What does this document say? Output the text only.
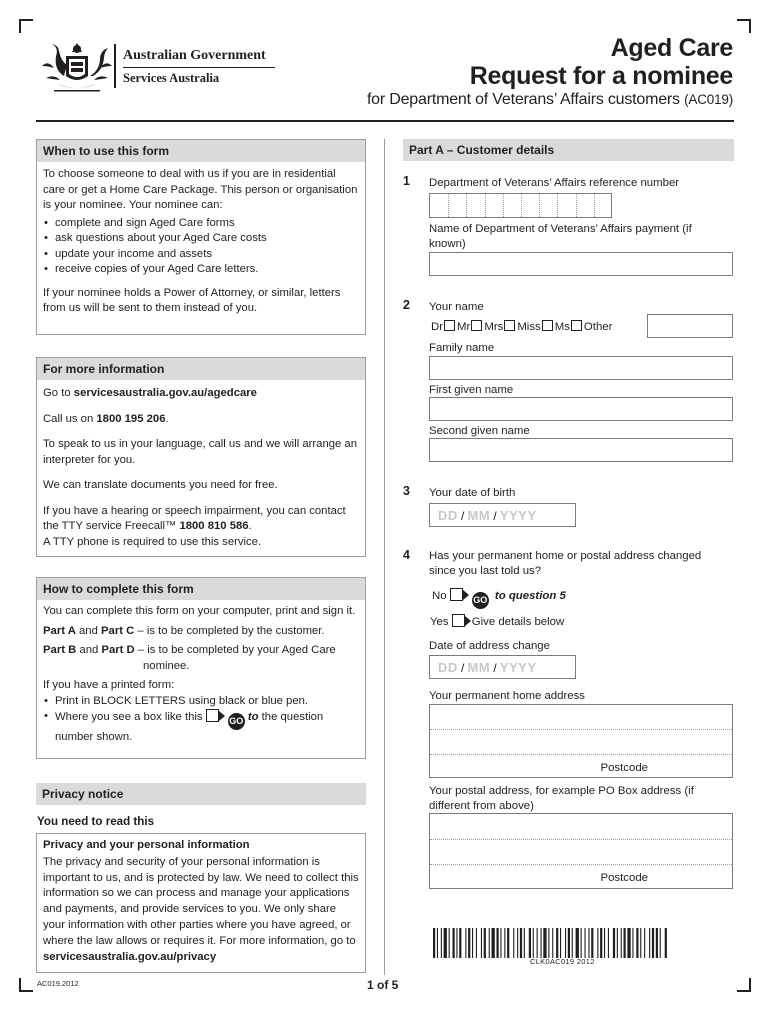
Australian Government
Services Australia
Aged Care
Request for a nominee
for Department of Veterans’ Affairs customers (AC019)
When to use this form

To choose someone to deal with us if you are in residential care or get a Home Care Package. This person or organisation is your nominee. Your nominee can:

• complete and sign Aged Care forms
• ask questions about your Aged Care costs
• update your income and assets
• receive copies of your Aged Care letters.

If your nominee holds a Power of Attorney, or similar, letters from us will be sent to them instead of you.

For more information

Go to servicesaustralia.gov.au/agedcare

Call us on 1800 195 206.

To speak to us in your language, call us and we will arrange an interpreter for you.

We can translate documents you need for free.

If you have a hearing or speech impairment, you can contact the TTY service Freecall™ 1800 810 586.
A TTY phone is required to use this service.

How to complete this form

You can complete this form on your computer, print and sign it.

Part A and Part C – is to be completed by the customer.

Part B and Part D – is to be completed by your Aged Care nominee.

If you have a printed form:

• Print in BLOCK LETTERS using black or blue pen.
• Where you see a box like this	GO to the question number shown.
Privacy notice
You need to read this

Privacy and your personal information

The privacy and security of your personal information is important to us, and is protected by law. We need to collect this information so we can process and manage your applications and payments, and provide services to you. We only share your information with other parties where you have agreed, or where the law allows or requires it. For more information, go to servicesaustralia.gov.au/privacy

Part A – Customer details
1 Department of Veterans’ Affairs reference number
Name of Department of Veterans’ Affairs payment (if known)
2 Your name
Dr Mr Mrs Miss Ms Other
Family name
First given name
Second given name
3 Your date of birth
DD / MM / YYYY
4 Has your permanent home or postal address changed since you last told us?
No	GO to question 5
Yes Give details below
Date of address change
DD / MM / YYYY
Your permanent home address
Postcode
Your postal address, for example PO Box address (if different from above)
Postcode
CLK0AC019 2012
AC019.2012	1 of 5
